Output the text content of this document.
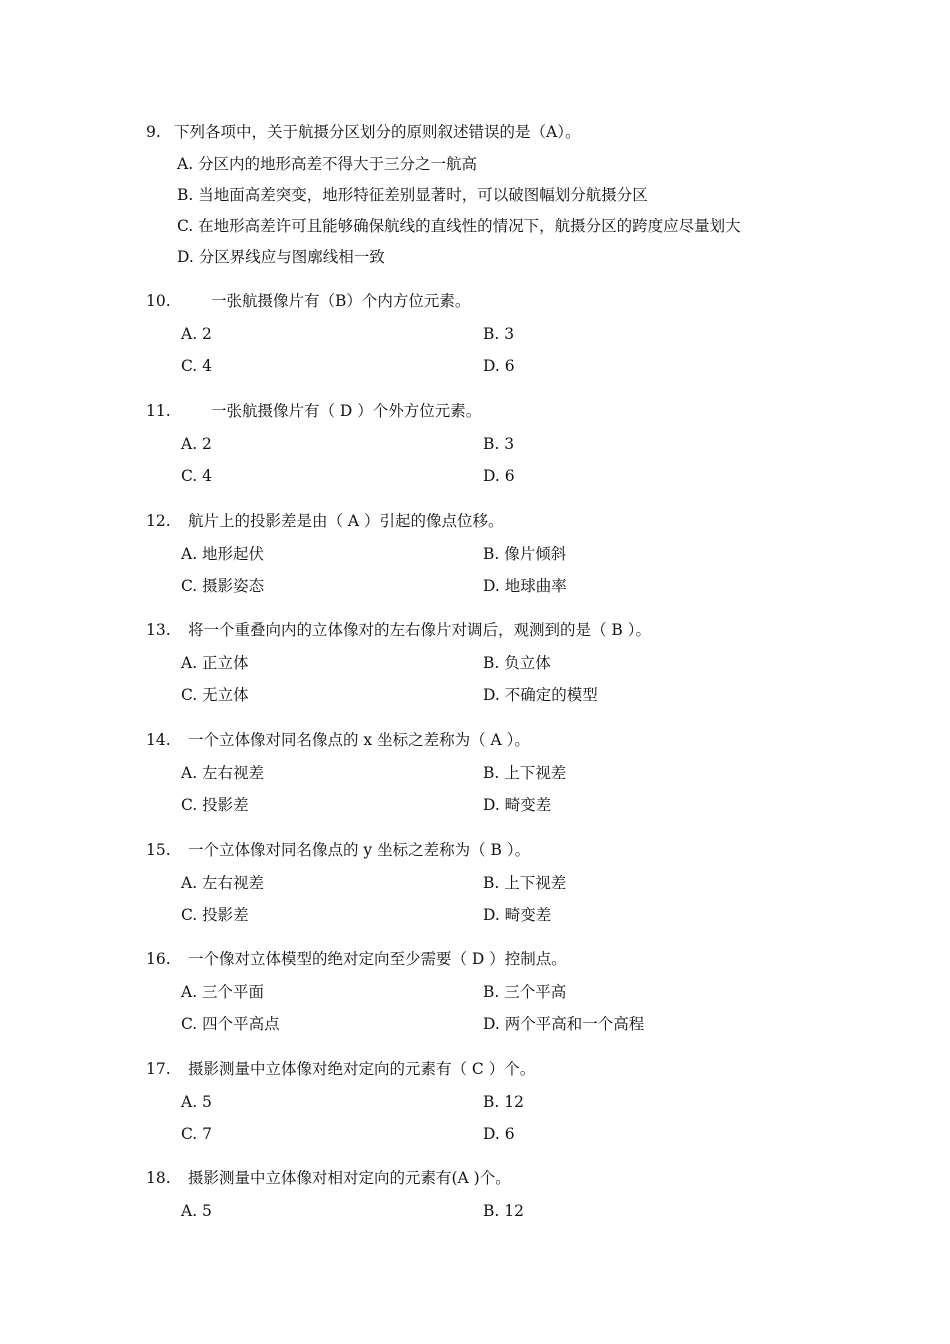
9. 下列各项中，关于航摄分区划分的原则叙述错误的是（A）。
A. 分区内的地形高差不得大于三分之一航高
B. 当地面高差突变，地形特征差别显著时，可以破图幅划分航摄分区
C. 在地形高差许可且能够确保航线的直线性的情况下，航摄分区的跨度应尽量划大
D. 分区界线应与图廓线相一致
10.	一张航摄像片有（B）个内方位元素。
A. 2	B. 3
C. 4	D. 6
11.	一张航摄像片有（ D ）个外方位元素。
A. 2	B. 3
C. 4	D. 6
12. 航片上的投影差是由（ A ）引起的像点位移。
A. 地形起伏	B. 像片倾斜
C. 摄影姿态	D. 地球曲率
13. 将一个重叠向内的立体像对的左右像片对调后，观测到的是（ B ）。
A. 正立体	B. 负立体
C. 无立体	D. 不确定的模型
14. 一个立体像对同名像点的 x 坐标之差称为（ A ）。
A. 左右视差	B. 上下视差
C. 投影差	D. 畸变差
15. 一个立体像对同名像点的 y 坐标之差称为（ B ）。
A. 左右视差	B. 上下视差
C. 投影差	D. 畸变差
16. 一个像对立体模型的绝对定向至少需要（ D ）控制点。
A. 三个平面	B. 三个平高
C. 四个平高点	D. 两个平高和一个高程
17. 摄影测量中立体像对绝对定向的元素有（ C ）个。
A. 5	B. 12
C. 7	D. 6
18. 摄影测量中立体像对相对定向的元素有(A )个。
A. 5	B. 12
